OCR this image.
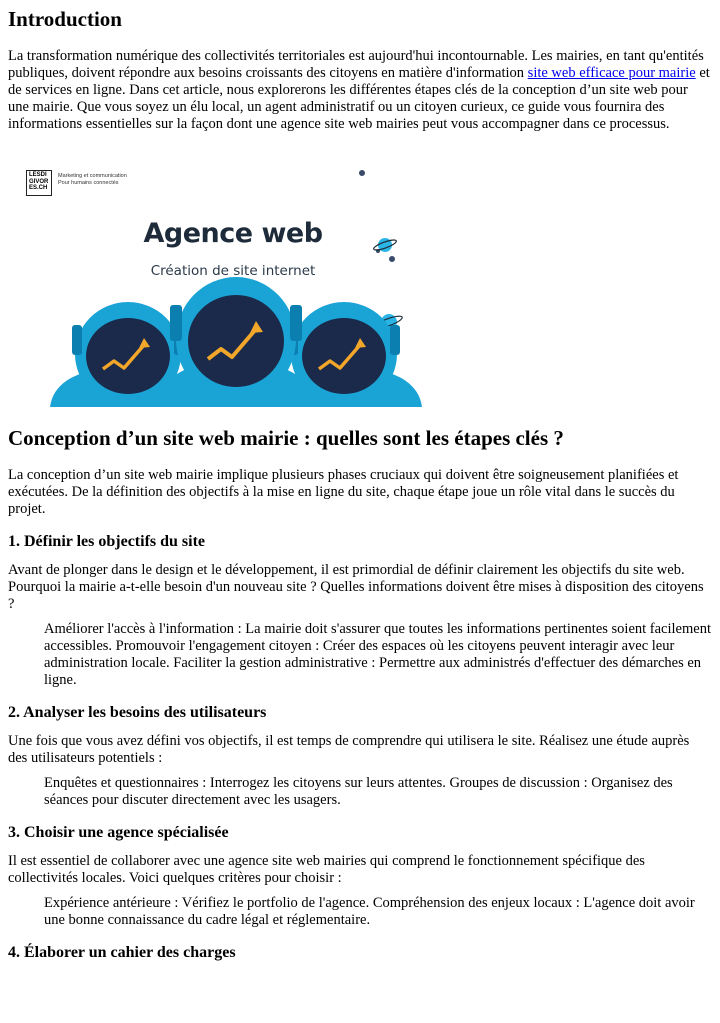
Introduction

La transformation numérique des collectivités territoriales est aujourd'hui incontournable. Les mairies, en tant qu'entités publiques, doivent répondre aux besoins croissants des citoyens en matière d'information site web efficace pour mairie et de services en ligne. Dans cet article, nous explorerons les différentes étapes clés de la conception d’un site web pour une mairie. Que vous soyez un élu local, un agent administratif ou un citoyen curieux, ce guide vous fournira des informations essentielles sur la façon dont une agence site web mairies peut vous accompagner dans ce processus.

LESDI
GIVOR
ES.CH
Marketing et communication
Pour humains connectés
Agence web
Création de site internet
Conception d’un site web mairie : quelles sont les étapes clés ?

La conception d’un site web mairie implique plusieurs phases cruciaux qui doivent être soigneusement planifiées et exécutées. De la définition des objectifs à la mise en ligne du site, chaque étape joue un rôle vital dans le succès du projet.

1. Définir les objectifs du site

Avant de plonger dans le design et le développement, il est primordial de définir clairement les objectifs du site web. Pourquoi la mairie a-t-elle besoin d'un nouveau site ? Quelles informations doivent être mises à disposition des citoyens ?

Améliorer l'accès à l'information : La mairie doit s'assurer que toutes les informations pertinentes soient facilement accessibles. Promouvoir l'engagement citoyen : Créer des espaces où les citoyens peuvent interagir avec leur administration locale. Faciliter la gestion administrative : Permettre aux administrés d'effectuer des démarches en ligne.
2. Analyser les besoins des utilisateurs

Une fois que vous avez défini vos objectifs, il est temps de comprendre qui utilisera le site. Réalisez une étude auprès des utilisateurs potentiels :

Enquêtes et questionnaires : Interrogez les citoyens sur leurs attentes. Groupes de discussion : Organisez des séances pour discuter directement avec les usagers.
3. Choisir une agence spécialisée

Il est essentiel de collaborer avec une agence site web mairies qui comprend le fonctionnement spécifique des collectivités locales. Voici quelques critères pour choisir :

Expérience antérieure : Vérifiez le portfolio de l'agence. Compréhension des enjeux locaux : L'agence doit avoir une bonne connaissance du cadre légal et réglementaire.
4. Élaborer un cahier des charges
